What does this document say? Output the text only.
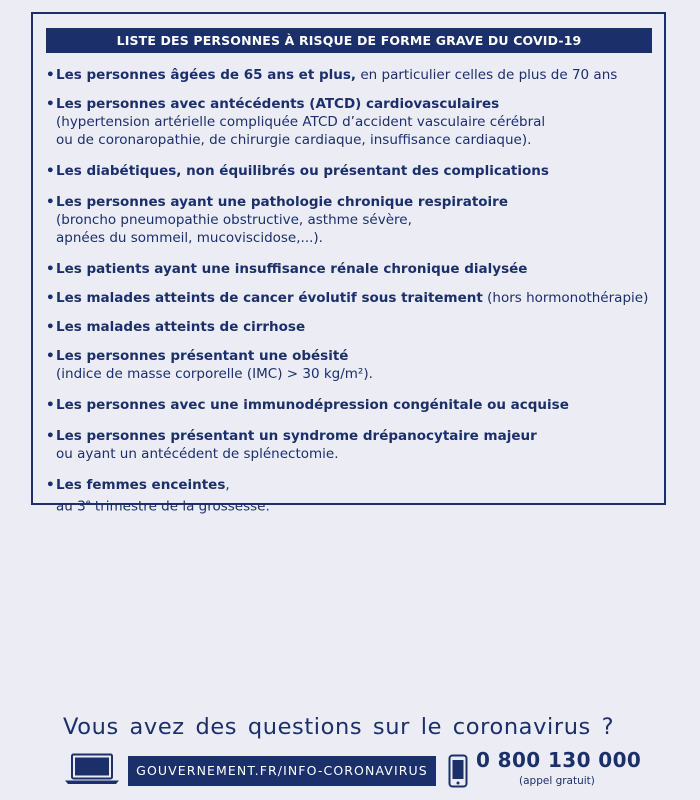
LISTE DES PERSONNES À RISQUE DE FORME GRAVE DU COVID-19
•Les personnes âgées de 65 ans et plus, en particulier celles de plus de 70 ans
•Les personnes avec antécédents (ATCD) cardiovasculaires
(hypertension artérielle compliquée ATCD d’accident vasculaire cérébral
ou de coronaropathie, de chirurgie cardiaque, insuffisance cardiaque).
•Les diabétiques, non équilibrés ou présentant des complications
•Les personnes ayant une pathologie chronique respiratoire
(broncho pneumopathie obstructive, asthme sévère,
apnées du sommeil, mucoviscidose,...).
•Les patients ayant une insuffisance rénale chronique dialysée
•Les malades atteints de cancer évolutif sous traitement (hors hormonothérapie)
•Les malades atteints de cirrhose
•Les personnes présentant une obésité
(indice de masse corporelle (IMC) > 30 kg/m²).
•Les personnes avec une immunodépression congénitale ou acquise
•Les personnes présentant un syndrome drépanocytaire majeur
ou ayant un antécédent de splénectomie.
•Les femmes enceintes,
au 3e trimestre de la grossesse.
Vous avez des questions sur le coronavirus ?
GOUVERNEMENT.FR/INFO-CORONAVIRUS	0 800 130 000
(appel gratuit)
